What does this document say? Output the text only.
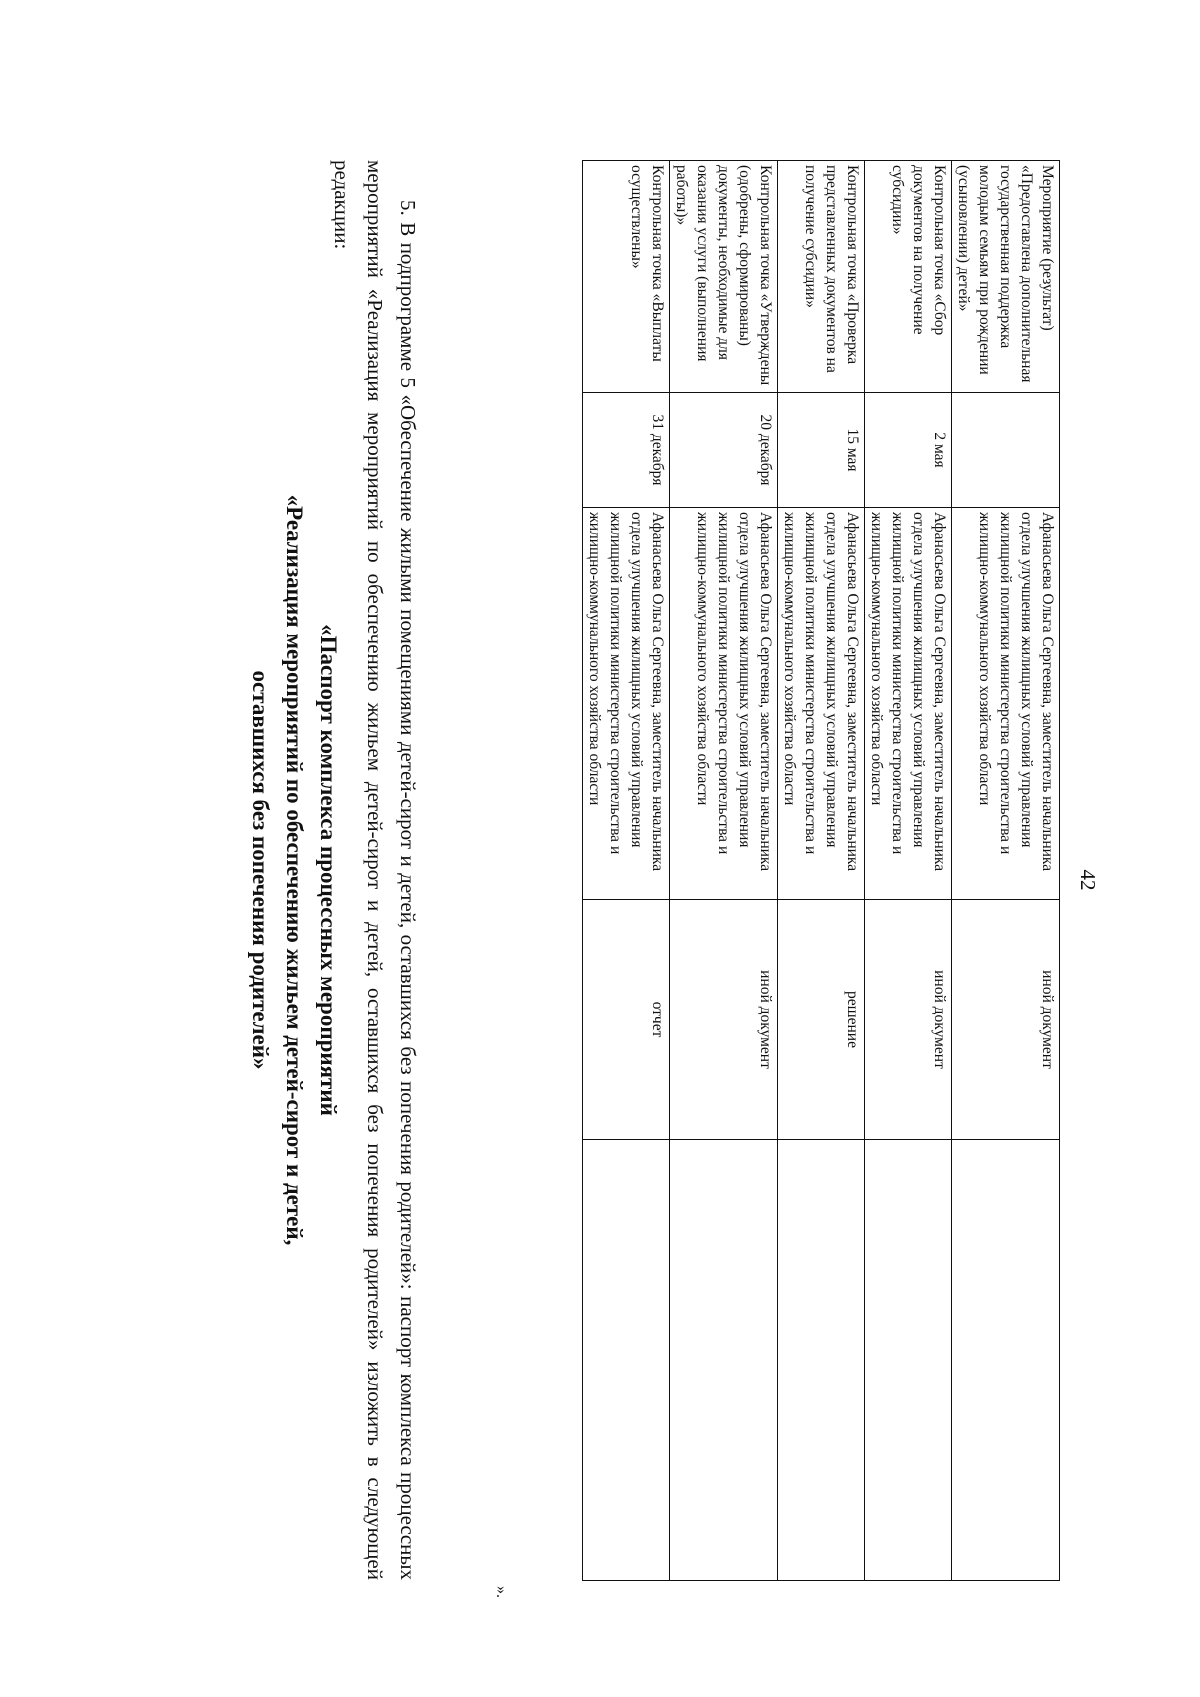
42
Мероприятие (результат) «Предоставлена дополнительная государственная поддержка молодым семьям при рождении (усыновлении) детей»		Афанасьева Ольга Сергеевна, заместитель начальника отдела улучшения жилищных условий управления жилищной политики министерства строительства и жилищно-коммунального хозяйства области	иной документ	
Контрольная точка «Сбор документов на получение субсидии»	2 мая	Афанасьева Ольга Сергеевна, заместитель начальника отдела улучшения жилищных условий управления жилищной политики министерства строительства и жилищно-коммунального хозяйства области	иной документ	
Контрольная точка «Проверка представленных документов на получение субсидии»	15 мая	Афанасьева Ольга Сергеевна, заместитель начальника отдела улучшения жилищных условий управления жилищной политики министерства строительства и жилищно-коммунального хозяйства области	решение	
Контрольная точка «Утверждены (одобрены, сформированы) документы, необходимые для оказания услуги (выполнения работы)»	20 декабря	Афанасьева Ольга Сергеевна, заместитель начальника отдела улучшения жилищных условий управления жилищной политики министерства строительства и жилищно-коммунального хозяйства области	иной документ	
Контрольная точка «Выплаты осуществлены»	31 декабря	Афанасьева Ольга Сергеевна, заместитель начальника отдела улучшения жилищных условий управления жилищной политики министерства строительства и жилищно-коммунального хозяйства области	отчет	
».

5. В подпрограмме 5 «Обеспечение жилыми помещениями детей-сирот и детей, оставшихся без попечения родителей»: паспорт комплекса процессных мероприятий «Реализация мероприятий по обеспечению жильем детей-сирот и детей, оставшихся без попечения родителей» изложить в следующей редакции:

«Паспорт комплекса процессных мероприятий
«Реализация мероприятий по обеспечению жильем детей-сирот и детей,
оставшихся без попечения родителей»
